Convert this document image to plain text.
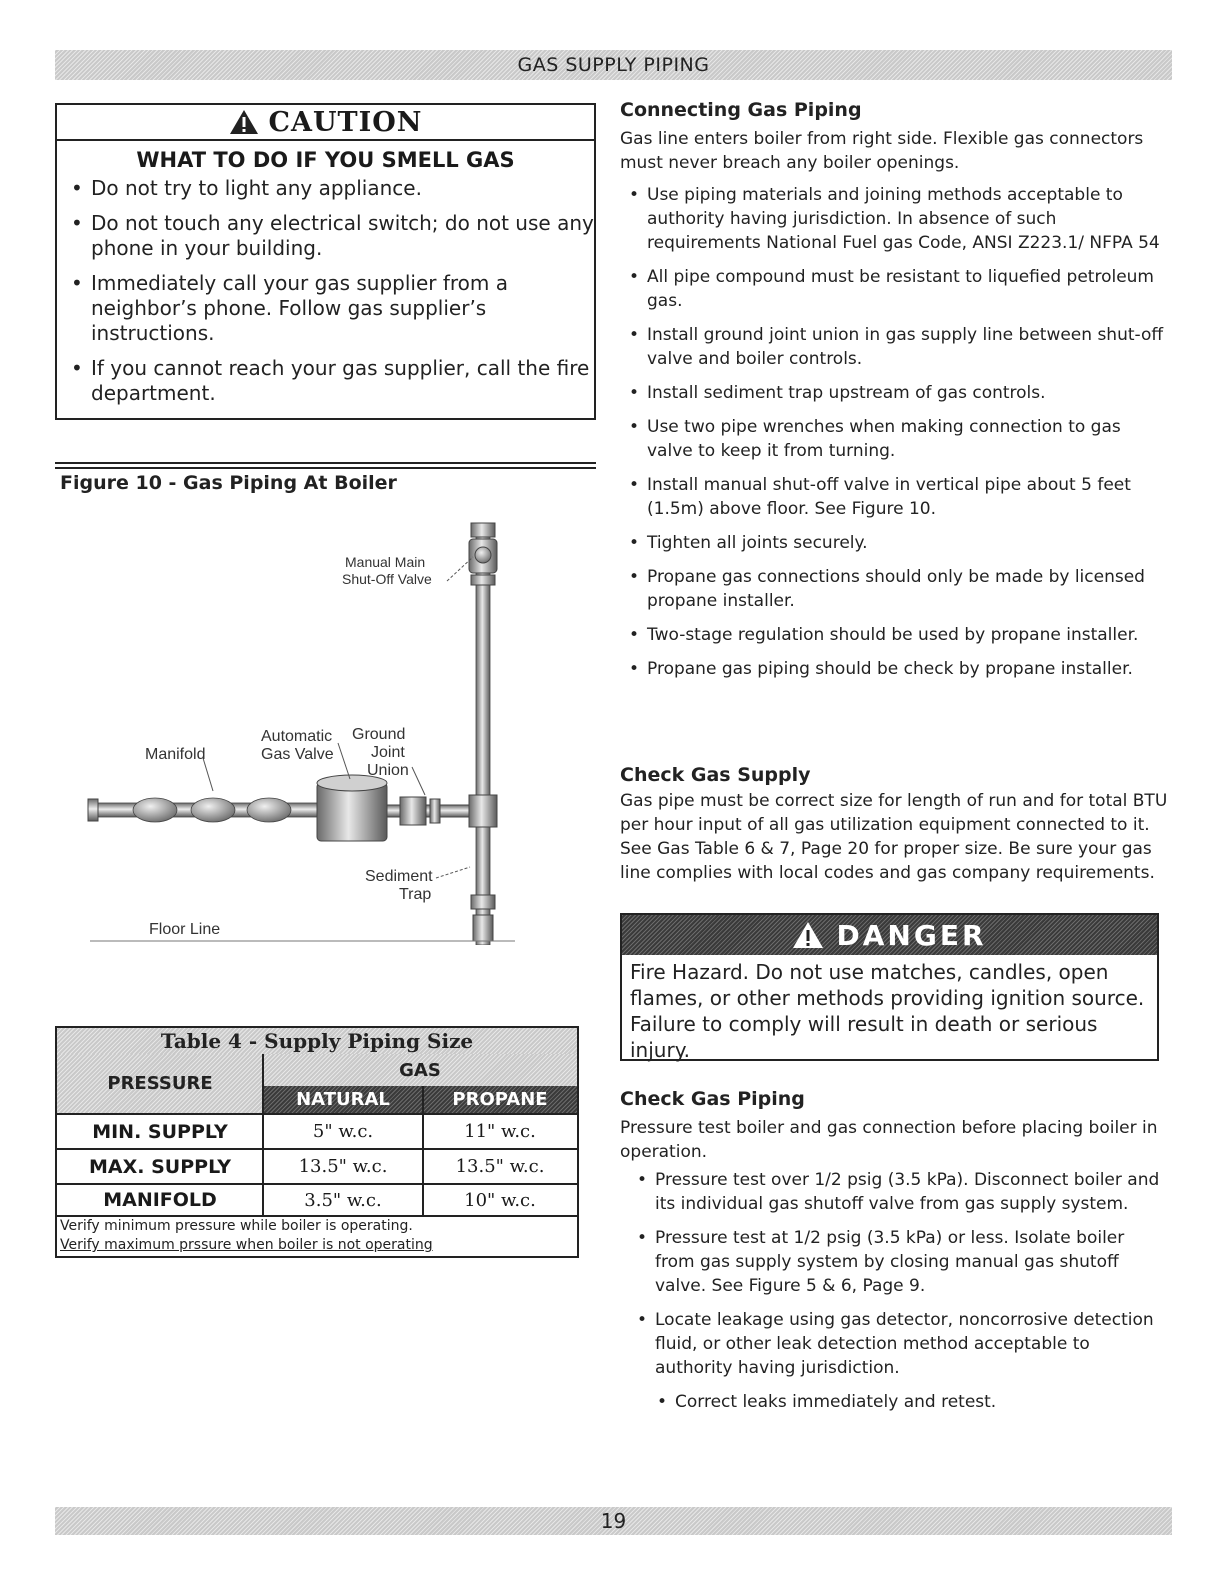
GAS SUPPLY PIPING
CAUTION
WHAT TO DO IF YOU SMELL GAS
• Do not try to light any appliance.
• Do not touch any electrical switch; do not use any phone in your building.
• Immediately call your gas supplier from a neighbor’s phone. Follow gas supplier’s instructions.
• If you cannot reach your gas supplier, call the fire department.
Figure 10 - Gas Piping At Boiler
Manual Main
Shut-Off Valve
Automatic
Gas Valve
Ground
Joint
Union
Manifold
Sediment
Trap
Floor Line
Table 4 - Supply Piping Size
PRESSURE
GAS
NATURAL	PROPANE
MIN. SUPPLY	5" w.c.	11" w.c.
MAX. SUPPLY	13.5" w.c.	13.5" w.c.
MANIFOLD	3.5" w.c.	10" w.c.
Verify minimum pressure while boiler is operating.
Verify maximum prssure when boiler is not operating

Connecting Gas Piping

Gas line enters boiler from right side. Flexible gas connectors must never breach any boiler openings.

• Use piping materials and joining methods acceptable to authority having jurisdiction. In absence of such requirements National Fuel gas Code, ANSI Z223.1/ NFPA 54
• All pipe compound must be resistant to liquefied petroleum gas.
• Install ground joint union in gas supply line between shut-off valve and boiler controls.
• Install sediment trap upstream of gas controls.
• Use two pipe wrenches when making connection to gas valve to keep it from turning.
• Install manual shut-off valve in vertical pipe about 5 feet (1.5m) above floor. See Figure 10.
• Tighten all joints securely.
• Propane gas connections should only be made by licensed propane installer.
• Two-stage regulation should be used by propane installer.
• Propane gas piping should be check by propane installer.

Check Gas Supply

Gas pipe must be correct size for length of run and for total BTU per hour input of all gas utilization equipment connected to it. See Gas Table 6 & 7, Page 20 for proper size. Be sure your gas line complies with local codes and gas company requirements.

DANGER
Fire Hazard. Do not use matches, candles, open flames, or other methods providing ignition source. Failure to comply will result in death or serious injury.

Check Gas Piping

Pressure test boiler and gas connection before placing boiler in operation.

• Pressure test over 1/2 psig (3.5 kPa). Disconnect boiler and its individual gas shutoff valve from gas supply system.
• Pressure test at 1/2 psig (3.5 kPa) or less. Isolate boiler from gas supply system by closing manual gas shutoff valve. See Figure 5 & 6, Page 9.
• Locate leakage using gas detector, noncorrosive detection fluid, or other leak detection method acceptable to authority having jurisdiction.
• Correct leaks immediately and retest.
19
